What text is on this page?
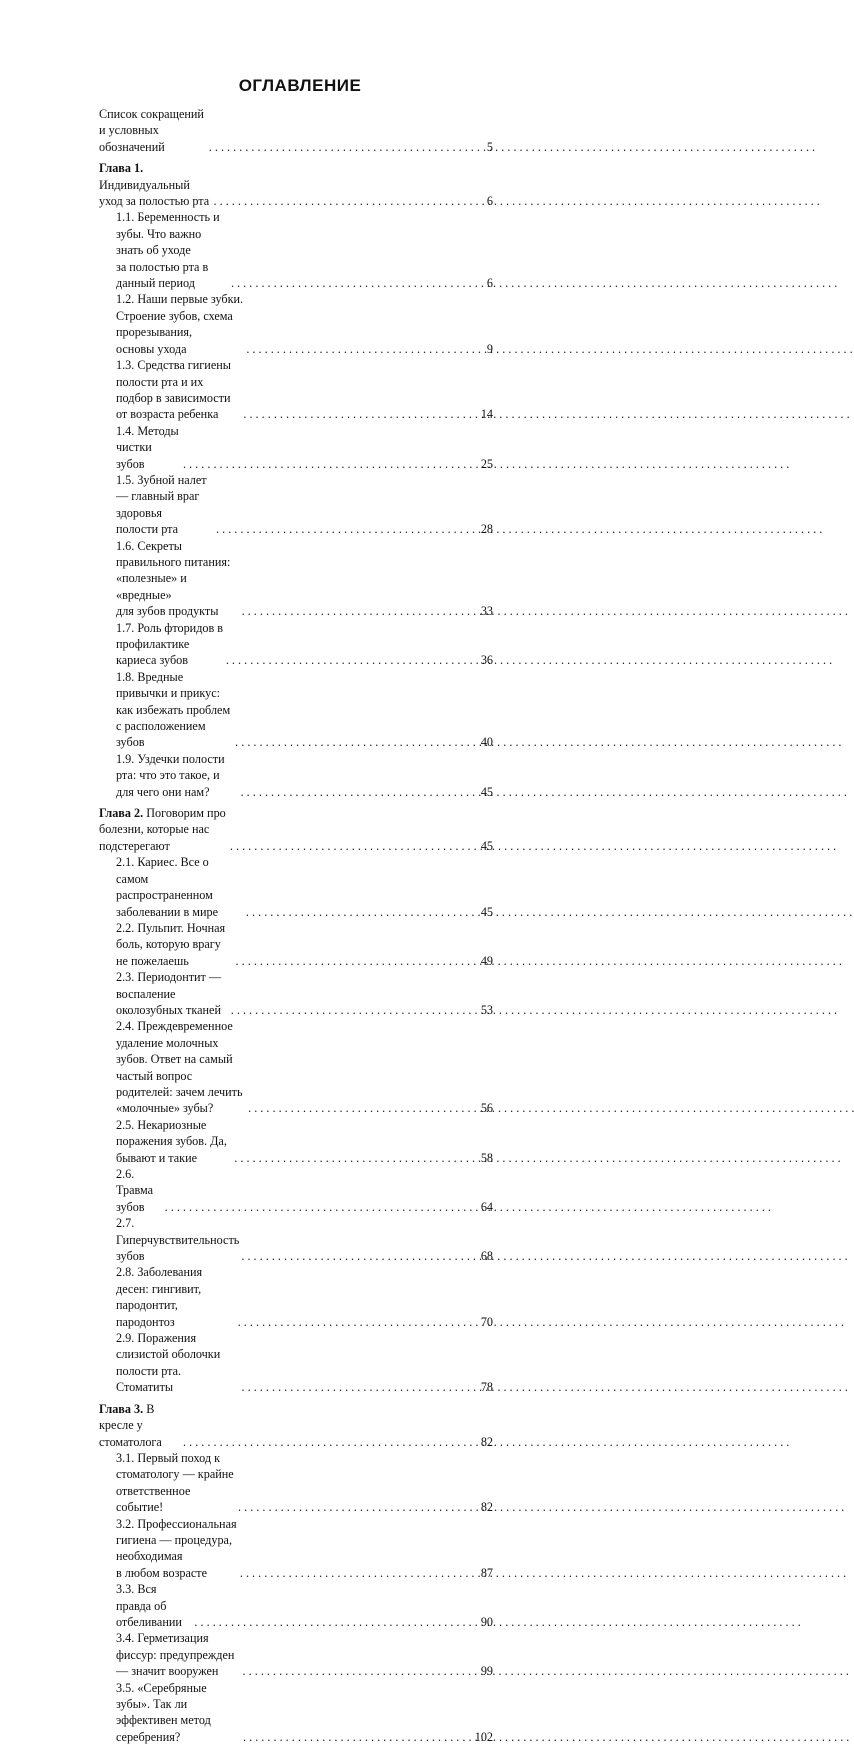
ОГЛАВЛЕНИЕ
Список сокращений и условных обозначений . . .	5
Глава 1. Индивидуальный уход за полостью рта . . .	6
1.1. Беременность и зубы. Что важно знать об уходе
за полостью рта в данный период . . .	6
1.2. Наши первые зубки. Строение зубов, схема прорезывания,
основы ухода . . .	9
1.3. Средства гигиены полости рта и их подбор в зависимости
от возраста ребенка . . .	14
1.4. Методы чистки зубов . . .	25
1.5. Зубной налет — главный враг здоровья
полости рта . . .	28
1.6. Секреты правильного питания: «полезные» и «вредные»
для зубов продукты . . .	33
1.7. Роль фторидов в профилактике кариеса зубов . . .	36
1.8. Вредные привычки и прикус: как избежать проблем
с расположением зубов . . .	40
1.9. Уздечки полости рта: что это такое, и для чего они нам? . . .	45
Глава 2. Поговорим про болезни, которые нас подстерегают . . .	45
2.1. Кариес. Все о самом распространенном заболевании в мире . . .	45
2.2. Пульпит. Ночная боль, которую врагу не пожелаешь . . .	49
2.3. Периодонтит — воспаление околозубных тканей . . .	53
2.4. Преждевременное удаление молочных зубов. Ответ на самый
частый вопрос родителей: зачем лечить «молочные» зубы? . . .	56
2.5. Некариозные поражения зубов. Да, бывают и такие . . .	58
2.6. Травма зубов . . .	64
2.7. Гиперчувствительность зубов . . .	68
2.8. Заболевания десен: гингивит, пародонтит, пародонтоз . . .	70
2.9. Поражения слизистой оболочки полости рта. Стоматиты . . .	78
Глава 3. В кресле у стоматолога . . .	82
3.1. Первый поход к стоматологу — крайне ответственное
событие! . . .	82
3.2. Профессиональная гигиена — процедура, необходимая
в любом возрасте . . .	87
3.3. Вся правда об отбеливании . . .	90
3.4. Герметизация фиссур: предупрежден — значит вооружен . . .	99
3.5. «Серебряные зубы». Так ли эффективен метод серебрения? . . .	102
